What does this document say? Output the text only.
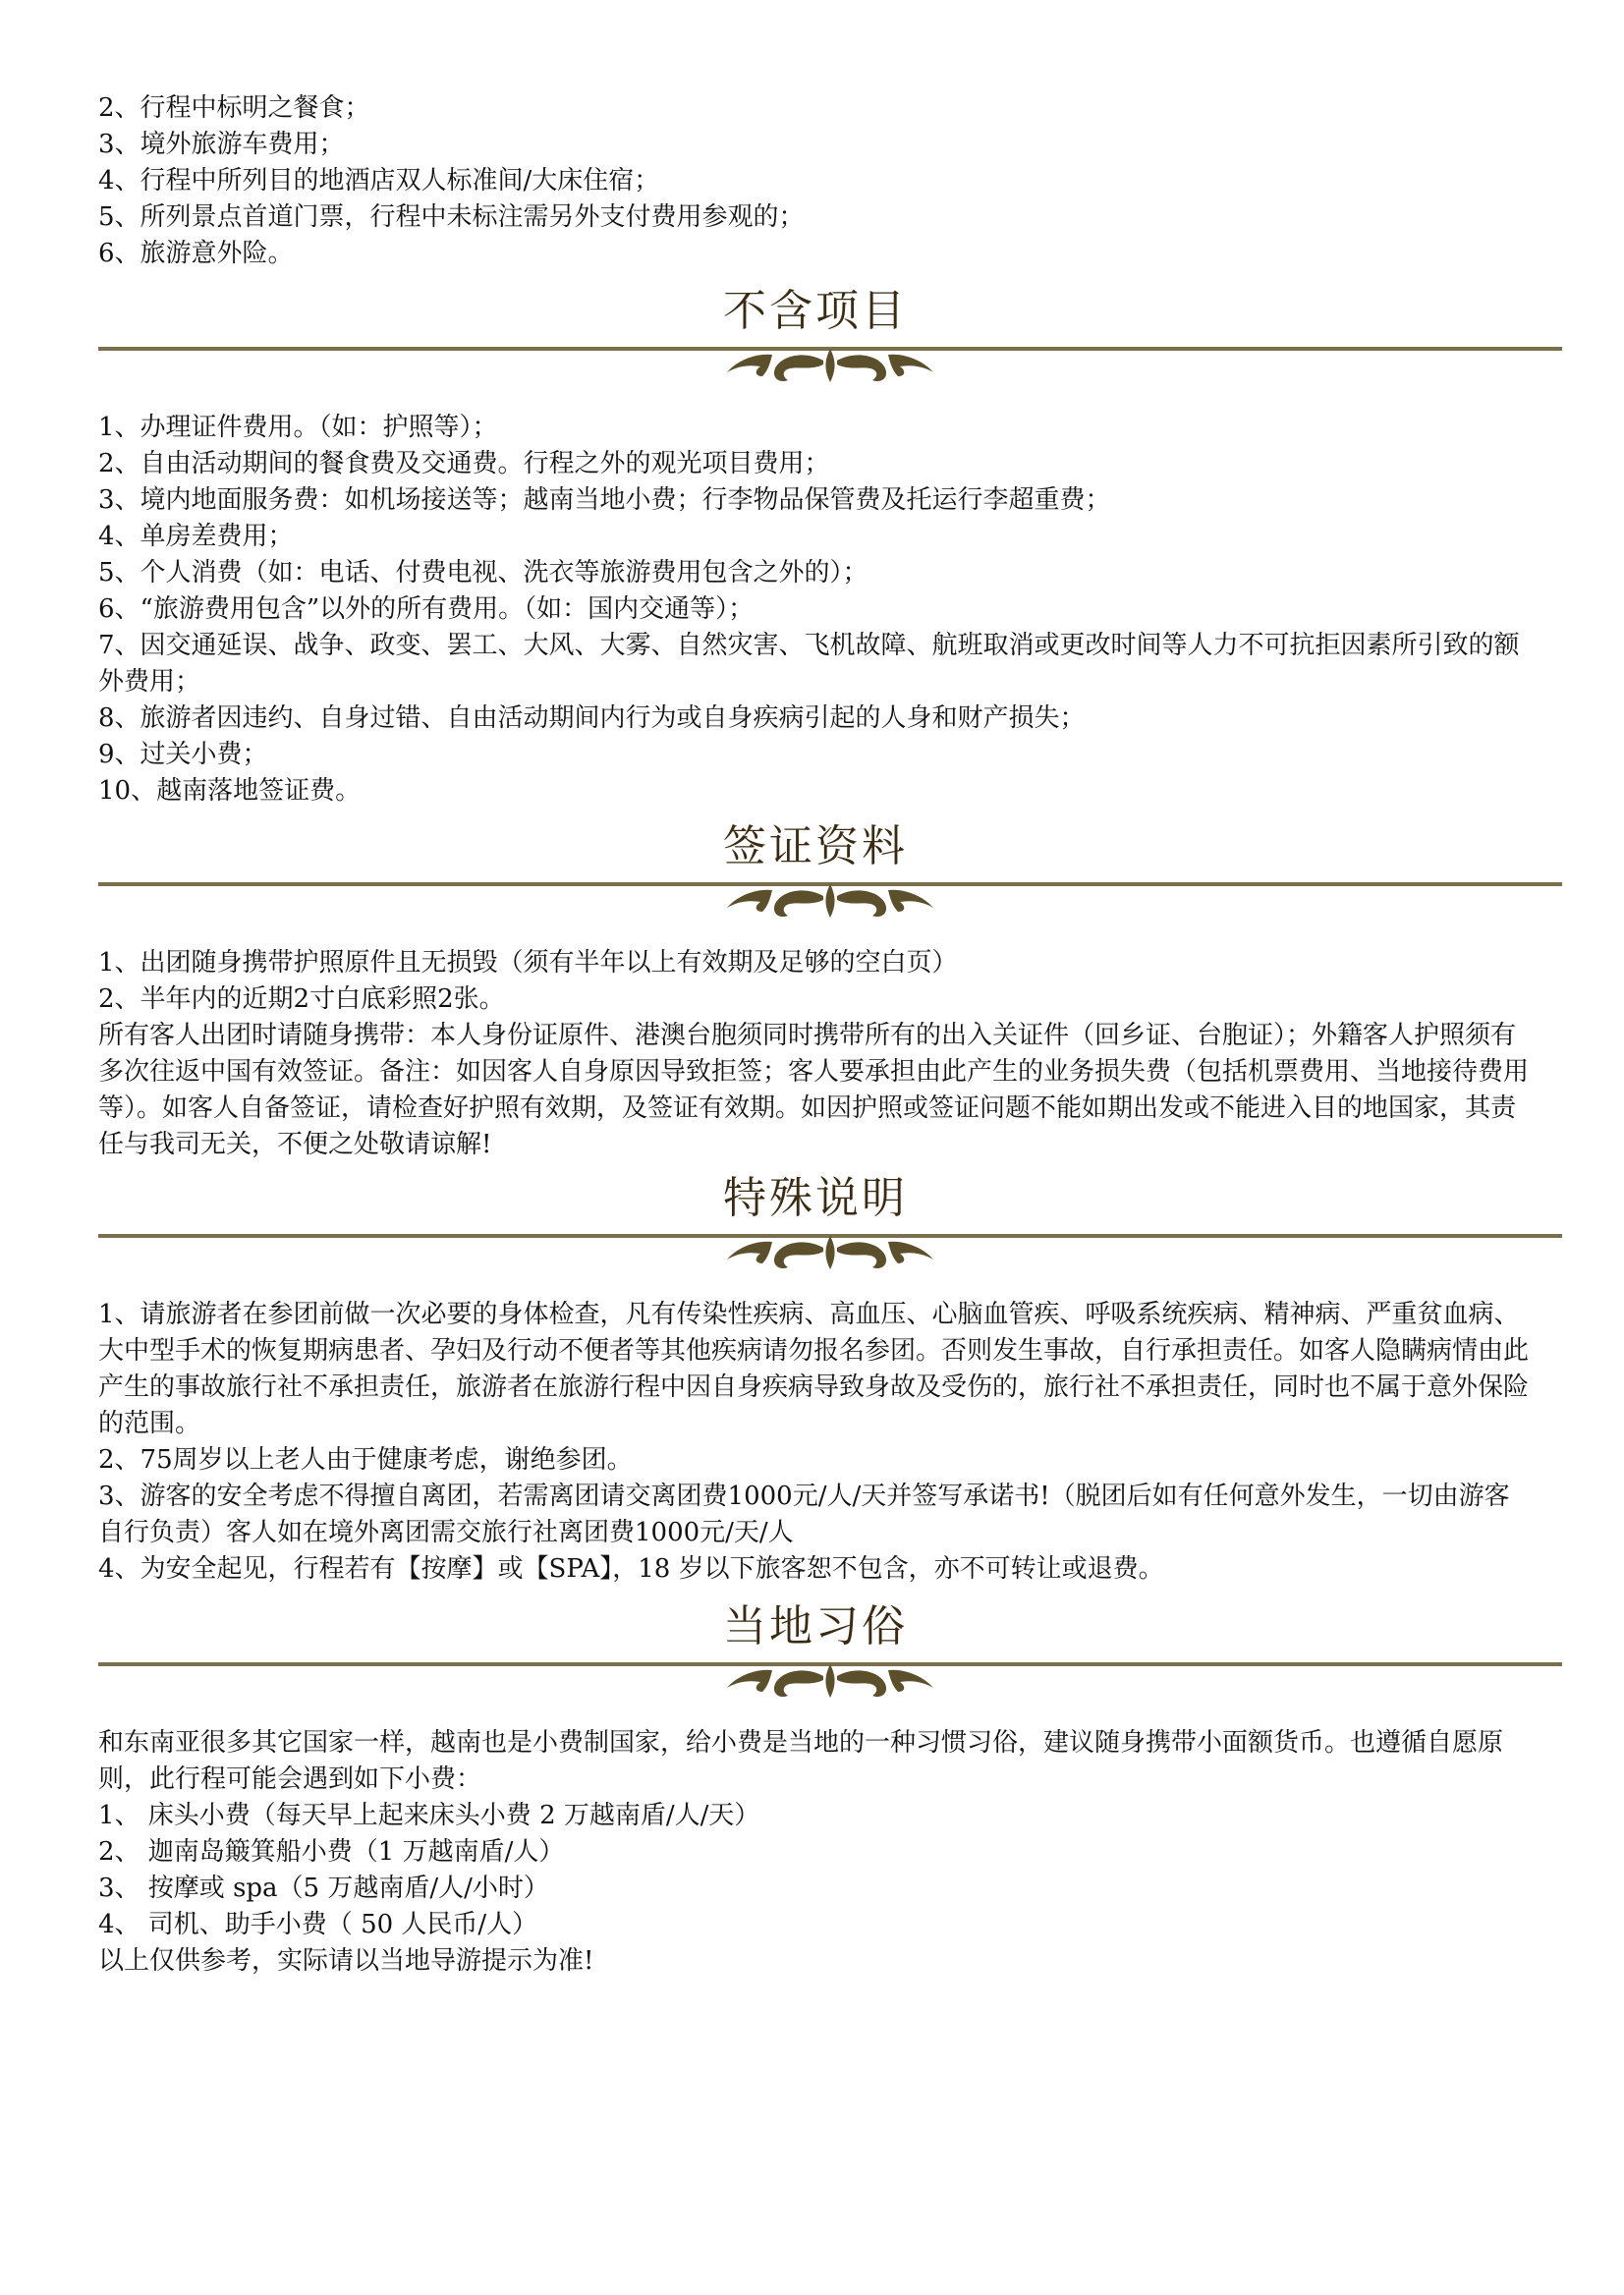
2、行程中标明之餐食；

3、境外旅游车费用；

4、行程中所列目的地酒店双人标准间/大床住宿；

5、所列景点首道门票，行程中未标注需另外支付费用参观的；

6、旅游意外险。

不含项目

1、办理证件费用。（如：护照等）；

2、自由活动期间的餐食费及交通费。行程之外的观光项目费用；

3、境内地面服务费：如机场接送等；越南当地小费；行李物品保管费及托运行李超重费；

4、单房差费用；

5、个人消费（如：电话、付费电视、洗衣等旅游费用包含之外的）；

6、“旅游费用包含”以外的所有费用。（如：国内交通等）；

7、因交通延误、战争、政变、罢工、大风、大雾、自然灾害、飞机故障、航班取消或更改时间等人力不可抗拒因素所引致的额外费用；

8、旅游者因违约、自身过错、自由活动期间内行为或自身疾病引起的人身和财产损失；

9、过关小费；

10、越南落地签证费。

签证资料

1、出团随身携带护照原件且无损毁（须有半年以上有效期及足够的空白页）

2、半年内的近期2寸白底彩照2张。

所有客人出团时请随身携带：本人身份证原件、港澳台胞须同时携带所有的出入关证件（回乡证、台胞证）；外籍客人护照须有多次往返中国有效签证。备注：如因客人自身原因导致拒签；客人要承担由此产生的业务损失费（包括机票费用、当地接待费用等）。如客人自备签证，请检查好护照有效期，及签证有效期。如因护照或签证问题不能如期出发或不能进入目的地国家，其责任与我司无关，不便之处敬请谅解!

特殊说明

1、请旅游者在参团前做一次必要的身体检查，凡有传染性疾病、高血压、心脑血管疾、呼吸系统疾病、精神病、严重贫血病、大中型手术的恢复期病患者、孕妇及行动不便者等其他疾病请勿报名参团。否则发生事故，自行承担责任。如客人隐瞒病情由此产生的事故旅行社不承担责任，旅游者在旅游行程中因自身疾病导致身故及受伤的，旅行社不承担责任，同时也不属于意外保险的范围。

2、75周岁以上老人由于健康考虑，谢绝参团。

3、游客的安全考虑不得擅自离团，若需离团请交离团费1000元/人/天并签写承诺书!（脱团后如有任何意外发生，一切由游客自行负责）客人如在境外离团需交旅行社离团费1000元/天/人

4、为安全起见，行程若有【按摩】或【SPA】，18 岁以下旅客恕不包含，亦不可转让或退费。

当地习俗

和东南亚很多其它国家一样，越南也是小费制国家，给小费是当地的一种习惯习俗，建议随身携带小面额货币。也遵循自愿原则，此行程可能会遇到如下小费：

1、 床头小费（每天早上起来床头小费 2 万越南盾/人/天）

2、 迦南岛簸箕船小费（1 万越南盾/人）

3、 按摩或 spa（5 万越南盾/人/小时）

4、 司机、助手小费（ 50 人民币/人）

以上仅供参考，实际请以当地导游提示为准!
